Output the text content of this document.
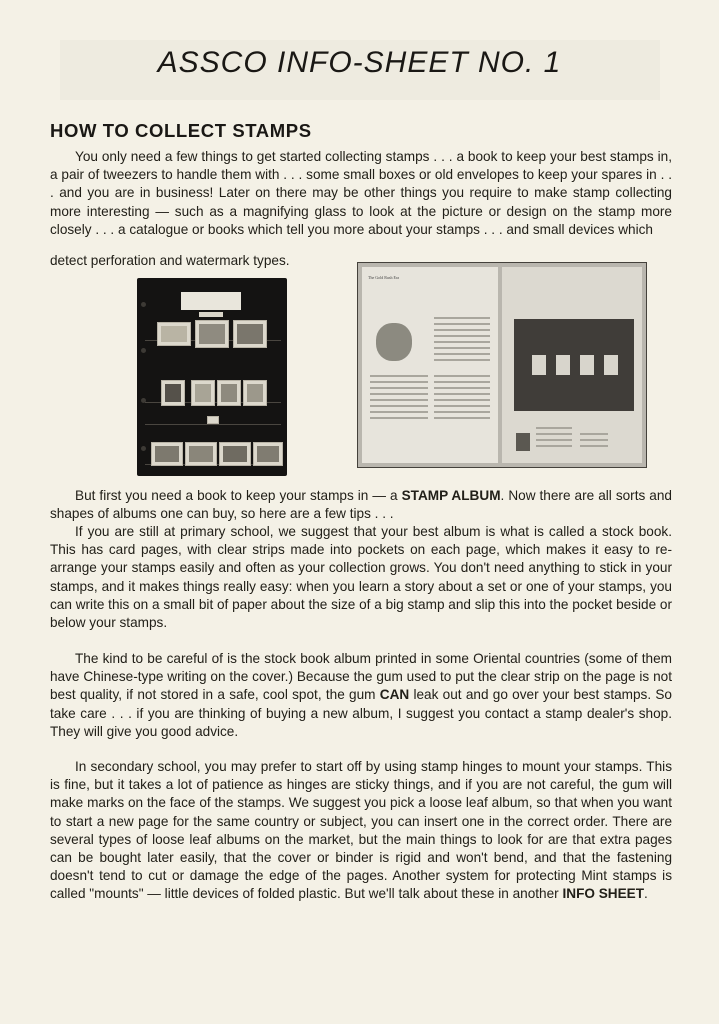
ASSCO INFO-SHEET NO. 1
HOW TO COLLECT STAMPS

You only need a few things to get started collecting stamps . . . a book to keep your best stamps in, a pair of tweezers to handle them with . . . some small boxes or old envelopes to keep your spares in . . . and you are in business! Later on there may be other things you require to make stamp collecting more interesting — such as a magnifying glass to look at the picture or design on the stamp more closely . . . a catalogue or books which tell you more about your stamps . . . and small devices which

detect perforation and watermark types.

The Gold Rush Era

But first you need a book to keep your stamps in — a STAMP ALBUM. Now there are all sorts and shapes of albums one can buy, so here are a few tips . . .

If you are still at primary school, we suggest that your best album is what is called a stock book. This has card pages, with clear strips made into pockets on each page, which makes it easy to re-arrange your stamps easily and often as your collection grows. You don't need anything to stick in your stamps, and it makes things really easy: when you learn a story about a set or one of your stamps, you can write this on a small bit of paper about the size of a big stamp and slip this into the pocket beside or below your stamps.

The kind to be careful of is the stock book album printed in some Oriental countries (some of them have Chinese-type writing on the cover.) Because the gum used to put the clear strip on the page is not best quality, if not stored in a safe, cool spot, the gum CAN leak out and go over your best stamps. So take care . . . if you are thinking of buying a new album, I suggest you contact a stamp dealer's shop. They will give you good advice.

In secondary school, you may prefer to start off by using stamp hinges to mount your stamps. This is fine, but it takes a lot of patience as hinges are sticky things, and if you are not careful, the gum will make marks on the face of the stamps. We suggest you pick a loose leaf album, so that when you want to start a new page for the same country or subject, you can insert one in the correct order. There are several types of loose leaf albums on the market, but the main things to look for are that extra pages can be bought later easily, that the cover or binder is rigid and won't bend, and that the fastening doesn't tend to cut or damage the edge of the pages. Another system for protecting Mint stamps is called "mounts" — little devices of folded plastic. But we'll talk about these in another INFO SHEET.
